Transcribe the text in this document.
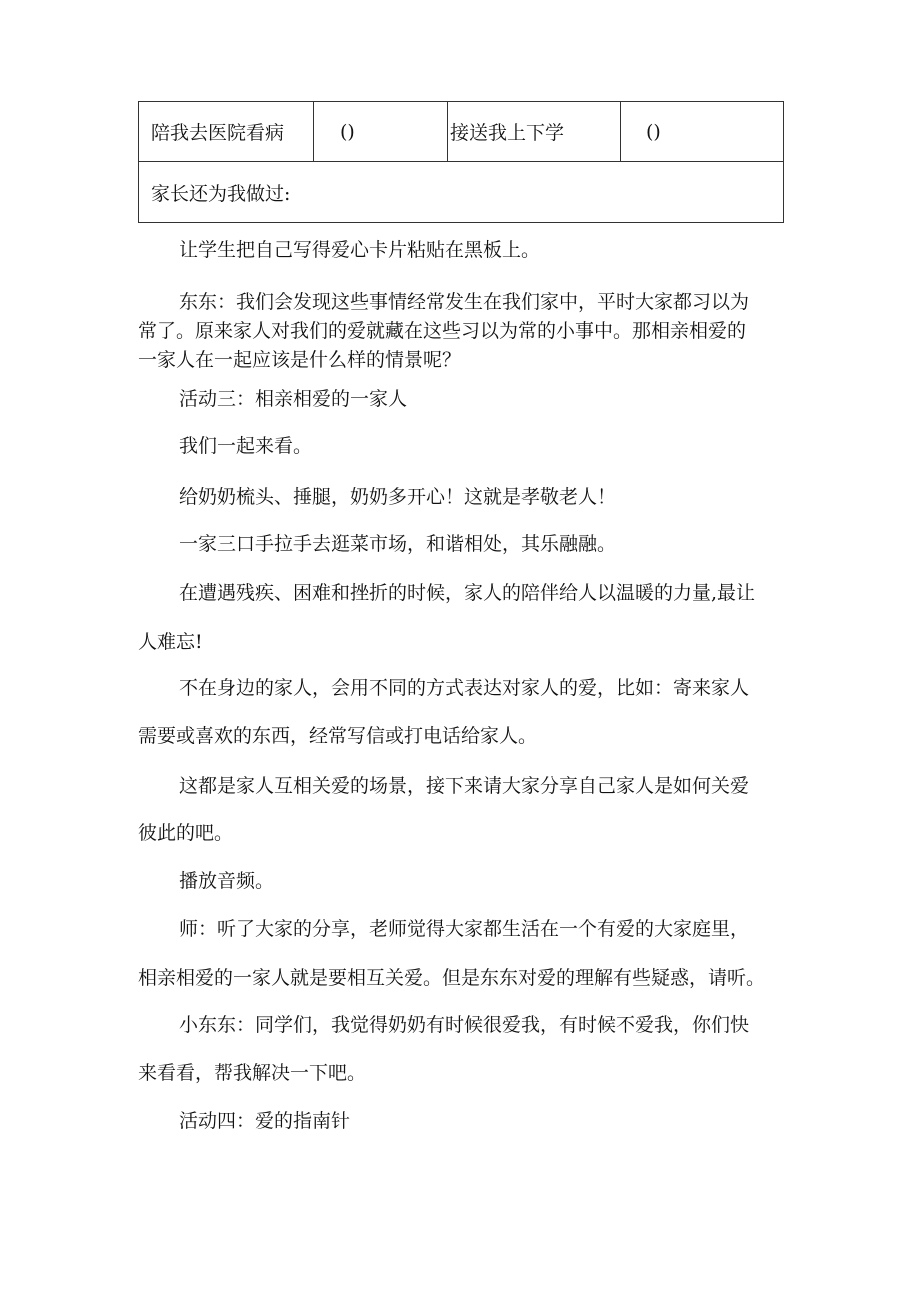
陪我去医院看病	()	接送我上下学	()
家长还为我做过:

让学生把自己写得爱心卡片粘贴在黑板上。

东东：我们会发现这些事情经常发生在我们家中，平时大家都习以为

常了。原来家人对我们的爱就藏在这些习以为常的小事中。那相亲相爱的

一家人在一起应该是什么样的情景呢？

活动三：相亲相爱的一家人

我们一起来看。

给奶奶梳头、捶腿，奶奶多开心！这就是孝敬老人！

一家三口手拉手去逛菜市场，和谐相处，其乐融融。

在遭遇残疾、困难和挫折的时候，家人的陪伴给人以温暖的力量,最让

人难忘!

不在身边的家人，会用不同的方式表达对家人的爱，比如：寄来家人

需要或喜欢的东西，经常写信或打电话给家人。

这都是家人互相关爱的场景，接下来请大家分享自己家人是如何关爱

彼此的吧。

播放音频。

师：听了大家的分享，老师觉得大家都生活在一个有爱的大家庭里，

相亲相爱的一家人就是要相互关爱。但是东东对爱的理解有些疑惑，请听。

小东东：同学们，我觉得奶奶有时候很爱我，有时候不爱我，你们快

来看看，帮我解决一下吧。

活动四：爱的指南针
